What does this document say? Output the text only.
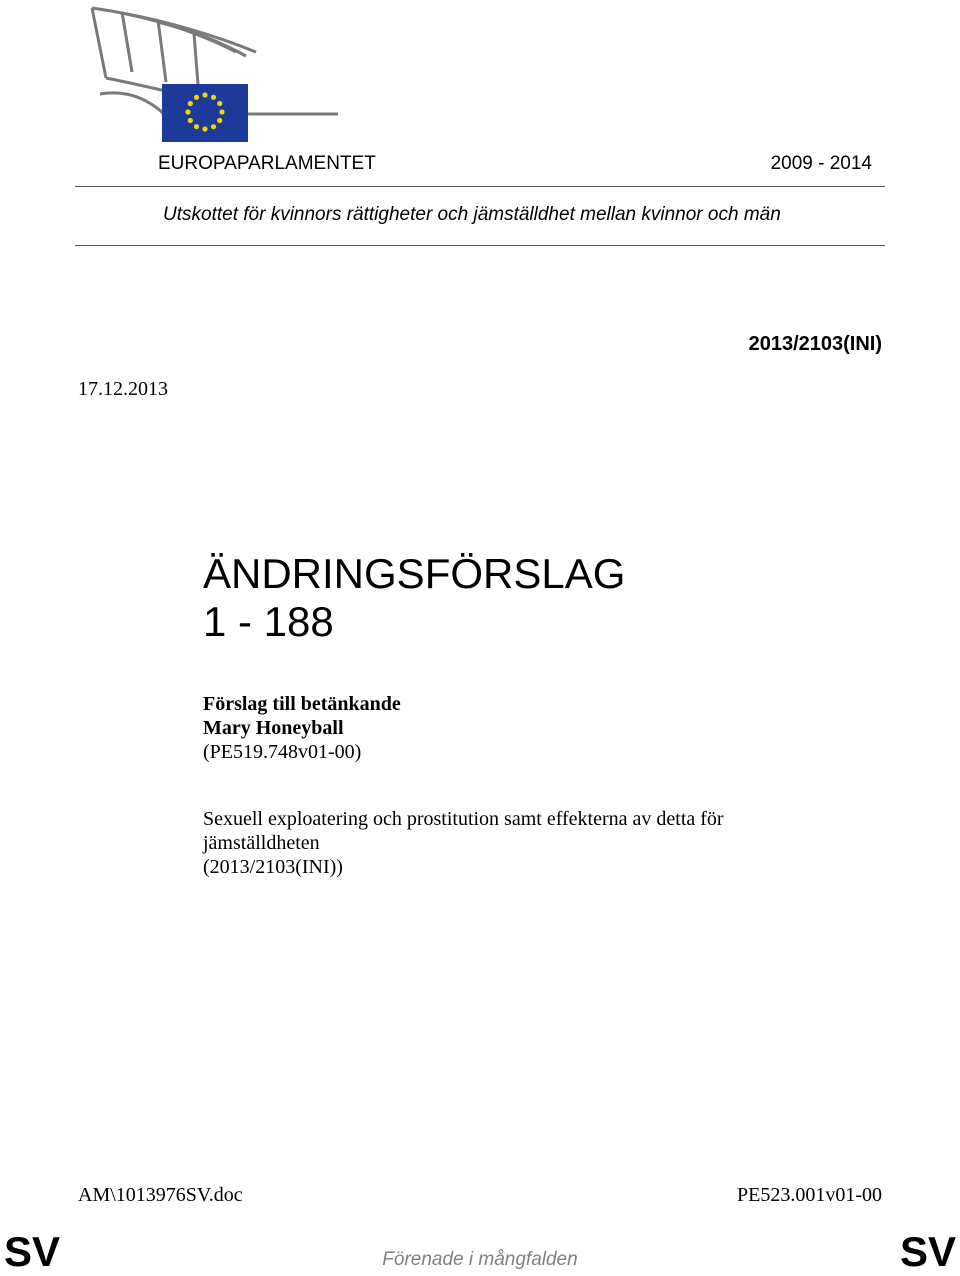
EUROPAPARLAMENTET	2009 - 2014
Utskottet för kvinnors rättigheter och jämställdhet mellan kvinnor och män
2013/2103(INI)
17.12.2013
ÄNDRINGSFÖRSLAG
1 - 188
Förslag till betänkande
Mary Honeyball
(PE519.748v01-00)
Sexuell exploatering och prostitution samt effekterna av detta för
jämställdheten
(2013/2103(INI))
AM\1013976SV.doc	PE523.001v01-00
SV	Förenade i mångfalden	SV
